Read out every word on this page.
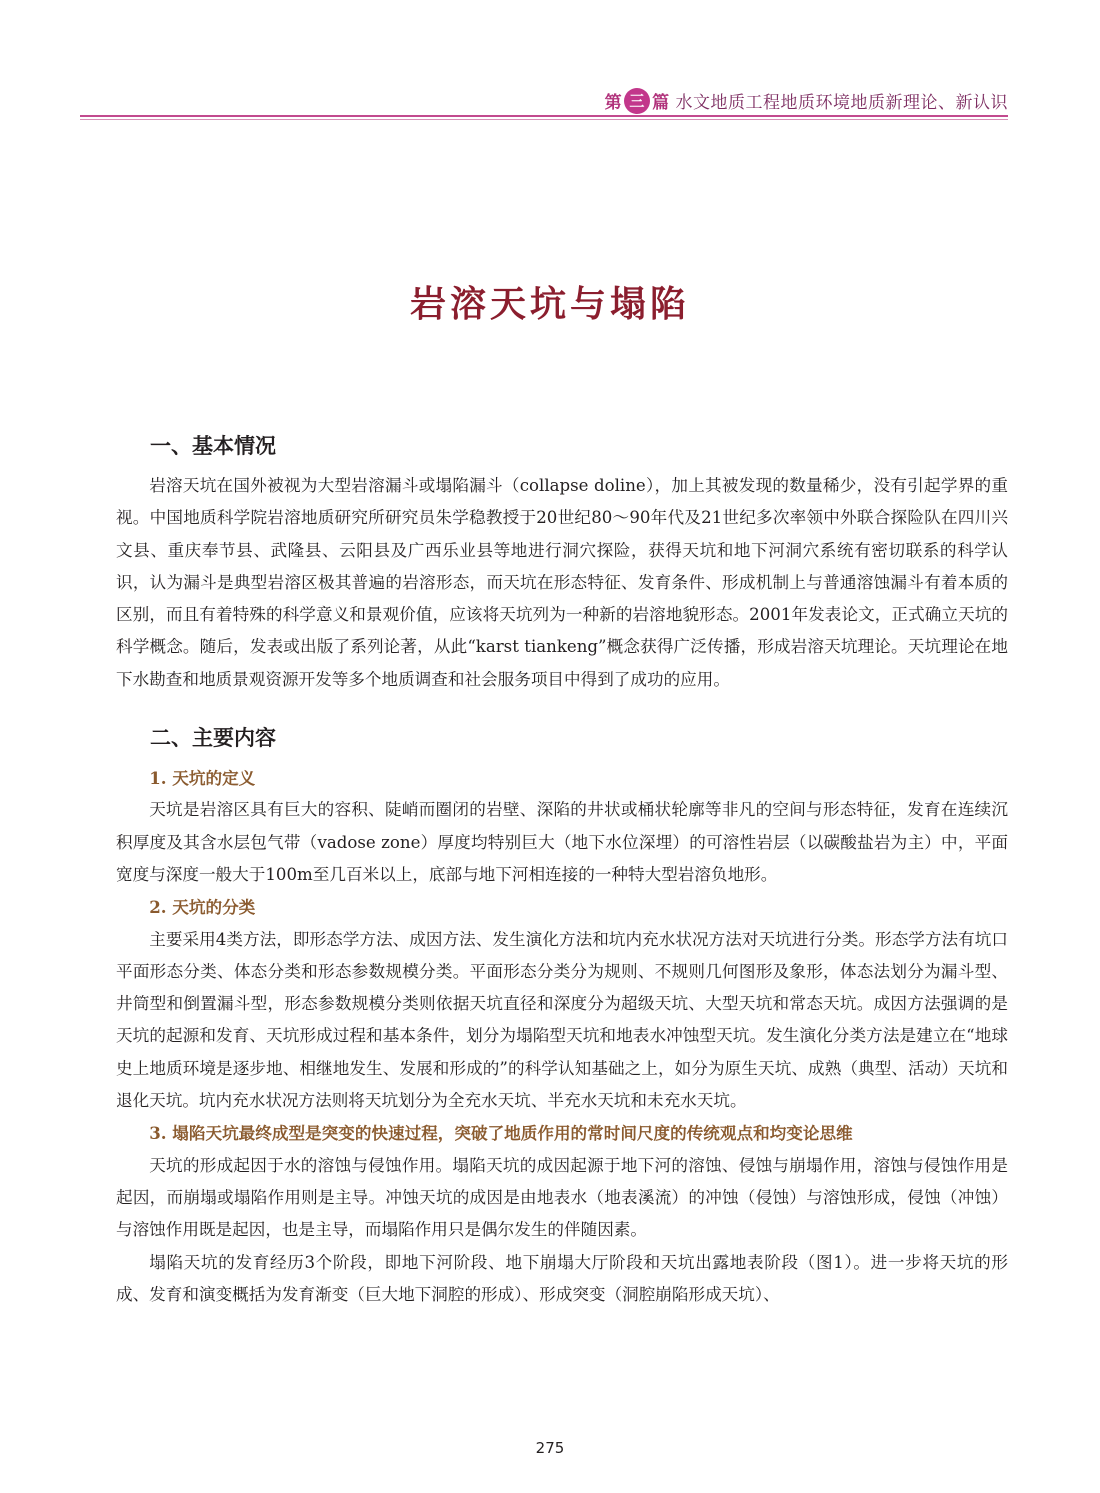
第 三 篇 水文地质工程地质环境地质新理论、新认识
岩溶天坑与塌陷
一、基本情况

岩溶天坑在国外被视为大型岩溶漏斗或塌陷漏斗（collapse doline），加上其被发现的数量稀少，没有引起学界的重视。中国地质科学院岩溶地质研究所研究员朱学稳教授于20世纪80～90年代及21世纪多次率领中外联合探险队在四川兴文县、重庆奉节县、武隆县、云阳县及广西乐业县等地进行洞穴探险，获得天坑和地下河洞穴系统有密切联系的科学认识，认为漏斗是典型岩溶区极其普遍的岩溶形态，而天坑在形态特征、发育条件、形成机制上与普通溶蚀漏斗有着本质的区别，而且有着特殊的科学意义和景观价值，应该将天坑列为一种新的岩溶地貌形态。2001年发表论文，正式确立天坑的科学概念。随后，发表或出版了系列论著，从此“karst tiankeng”概念获得广泛传播，形成岩溶天坑理论。天坑理论在地下水勘查和地质景观资源开发等多个地质调查和社会服务项目中得到了成功的应用。

二、主要内容
1. 天坑的定义

天坑是岩溶区具有巨大的容积、陡峭而圈闭的岩壁、深陷的井状或桶状轮廓等非凡的空间与形态特征，发育在连续沉积厚度及其含水层包气带（vadose zone）厚度均特别巨大（地下水位深埋）的可溶性岩层（以碳酸盐岩为主）中，平面宽度与深度一般大于100m至几百米以上，底部与地下河相连接的一种特大型岩溶负地形。

2. 天坑的分类

主要采用4类方法，即形态学方法、成因方法、发生演化方法和坑内充水状况方法对天坑进行分类。形态学方法有坑口平面形态分类、体态分类和形态参数规模分类。平面形态分类分为规则、不规则几何图形及象形，体态法划分为漏斗型、井筒型和倒置漏斗型，形态参数规模分类则依据天坑直径和深度分为超级天坑、大型天坑和常态天坑。成因方法强调的是天坑的起源和发育、天坑形成过程和基本条件，划分为塌陷型天坑和地表水冲蚀型天坑。发生演化分类方法是建立在“地球史上地质环境是逐步地、相继地发生、发展和形成的”的科学认知基础之上，如分为原生天坑、成熟（典型、活动）天坑和退化天坑。坑内充水状况方法则将天坑划分为全充水天坑、半充水天坑和未充水天坑。

3. 塌陷天坑最终成型是突变的快速过程，突破了地质作用的常时间尺度的传统观点和均变论思维

天坑的形成起因于水的溶蚀与侵蚀作用。塌陷天坑的成因起源于地下河的溶蚀、侵蚀与崩塌作用，溶蚀与侵蚀作用是起因，而崩塌或塌陷作用则是主导。冲蚀天坑的成因是由地表水（地表溪流）的冲蚀（侵蚀）与溶蚀形成，侵蚀（冲蚀）与溶蚀作用既是起因，也是主导，而塌陷作用只是偶尔发生的伴随因素。

塌陷天坑的发育经历3个阶段，即地下河阶段、地下崩塌大厅阶段和天坑出露地表阶段（图1）。进一步将天坑的形成、发育和演变概括为发育渐变（巨大地下洞腔的形成）、形成突变（洞腔崩陷形成天坑）、

275
